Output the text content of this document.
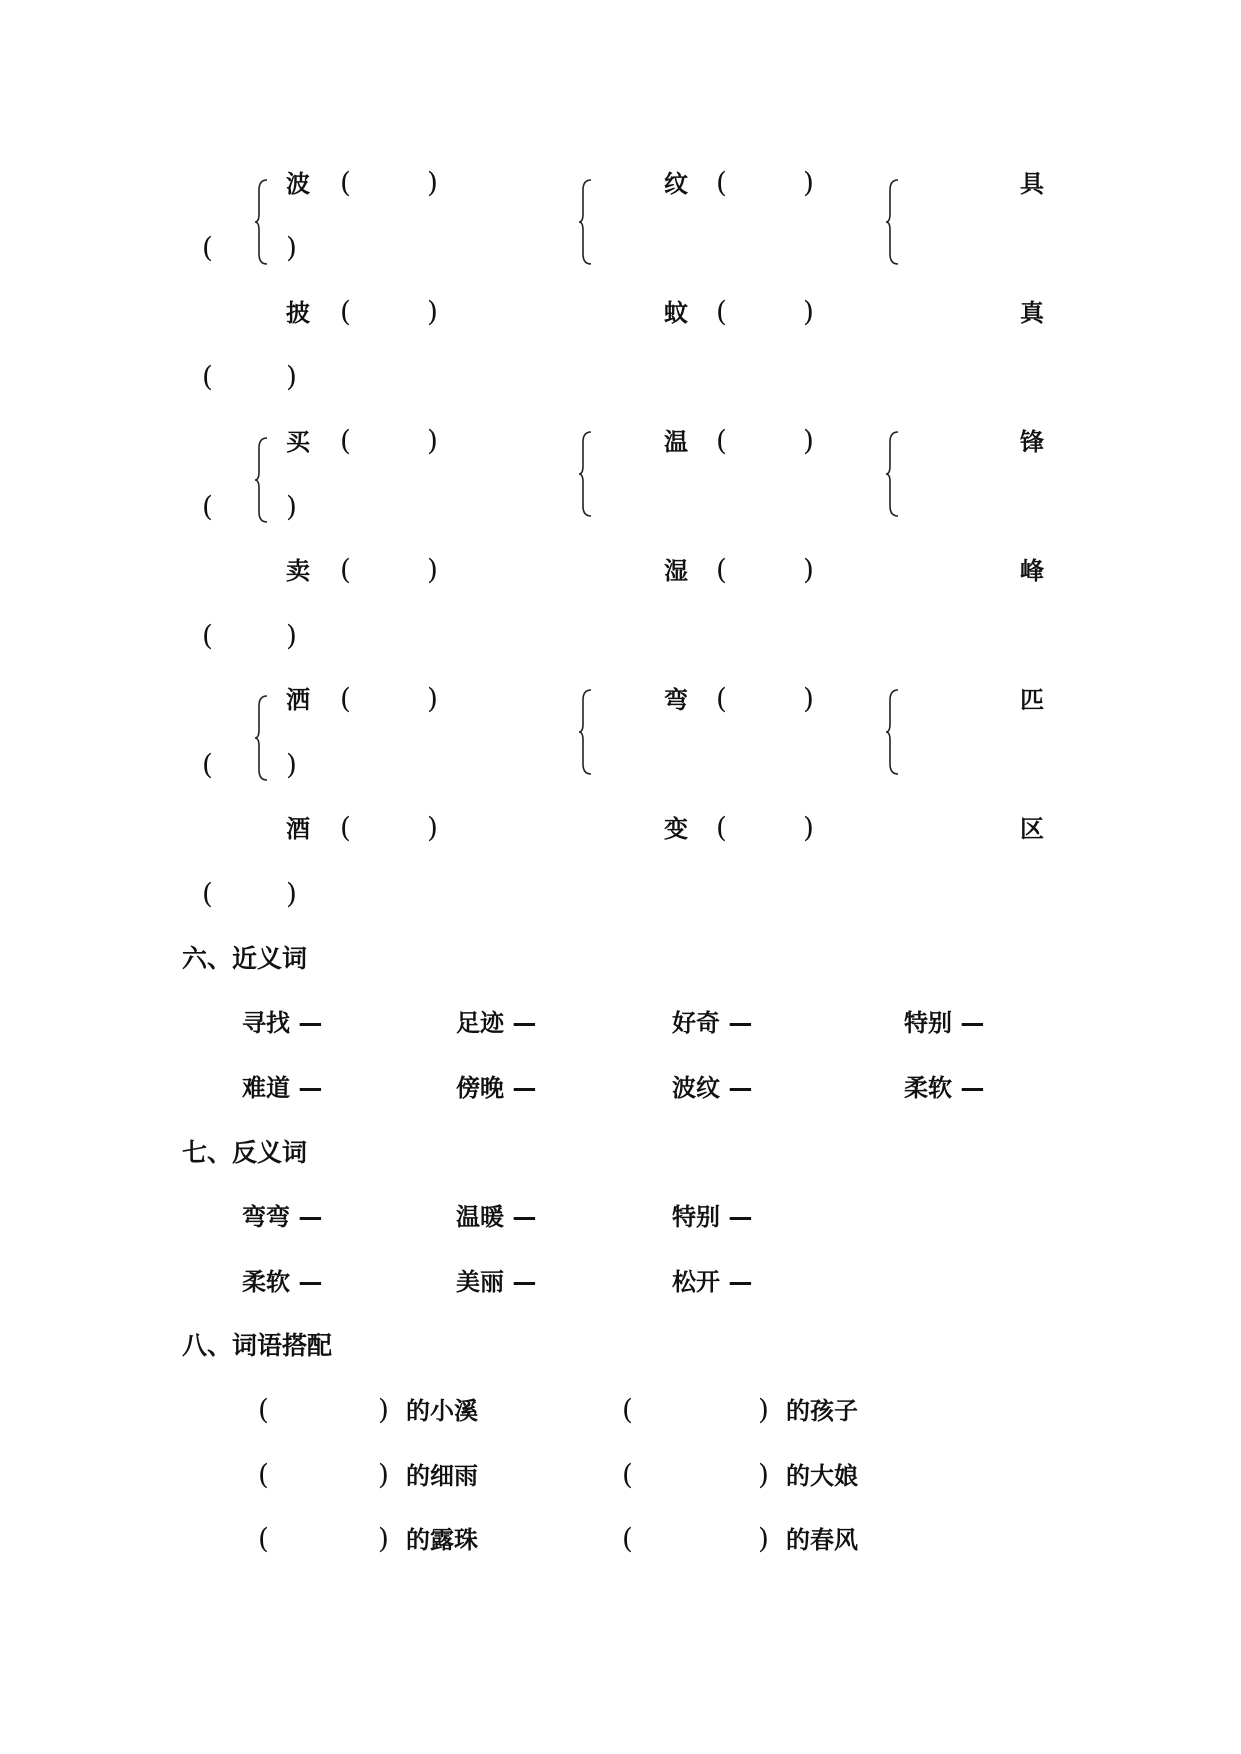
波 (	)	纹 (	)	具
(	)
披 (	)	蚊 (	)	真
(	)
买 (	)	温 (	)	锋
(	)
卖 (	)	湿 (	)	峰
(	)
洒 (	)	弯 (	)	匹
(	)
酒 (	)	变 (	)	区
(	)
六、近义词
寻找 —	足迹 —	好奇 —	特别 —
难道 —	傍晚 —	波纹 —	柔软 —
七、反义词
弯弯 —	温暖 —	特别 —
柔软 —	美丽 —	松开 —
八、词语搭配
(	) 的小溪	(	) 的孩子
(	) 的细雨	(	) 的大娘
(	) 的露珠	(	) 的春风
